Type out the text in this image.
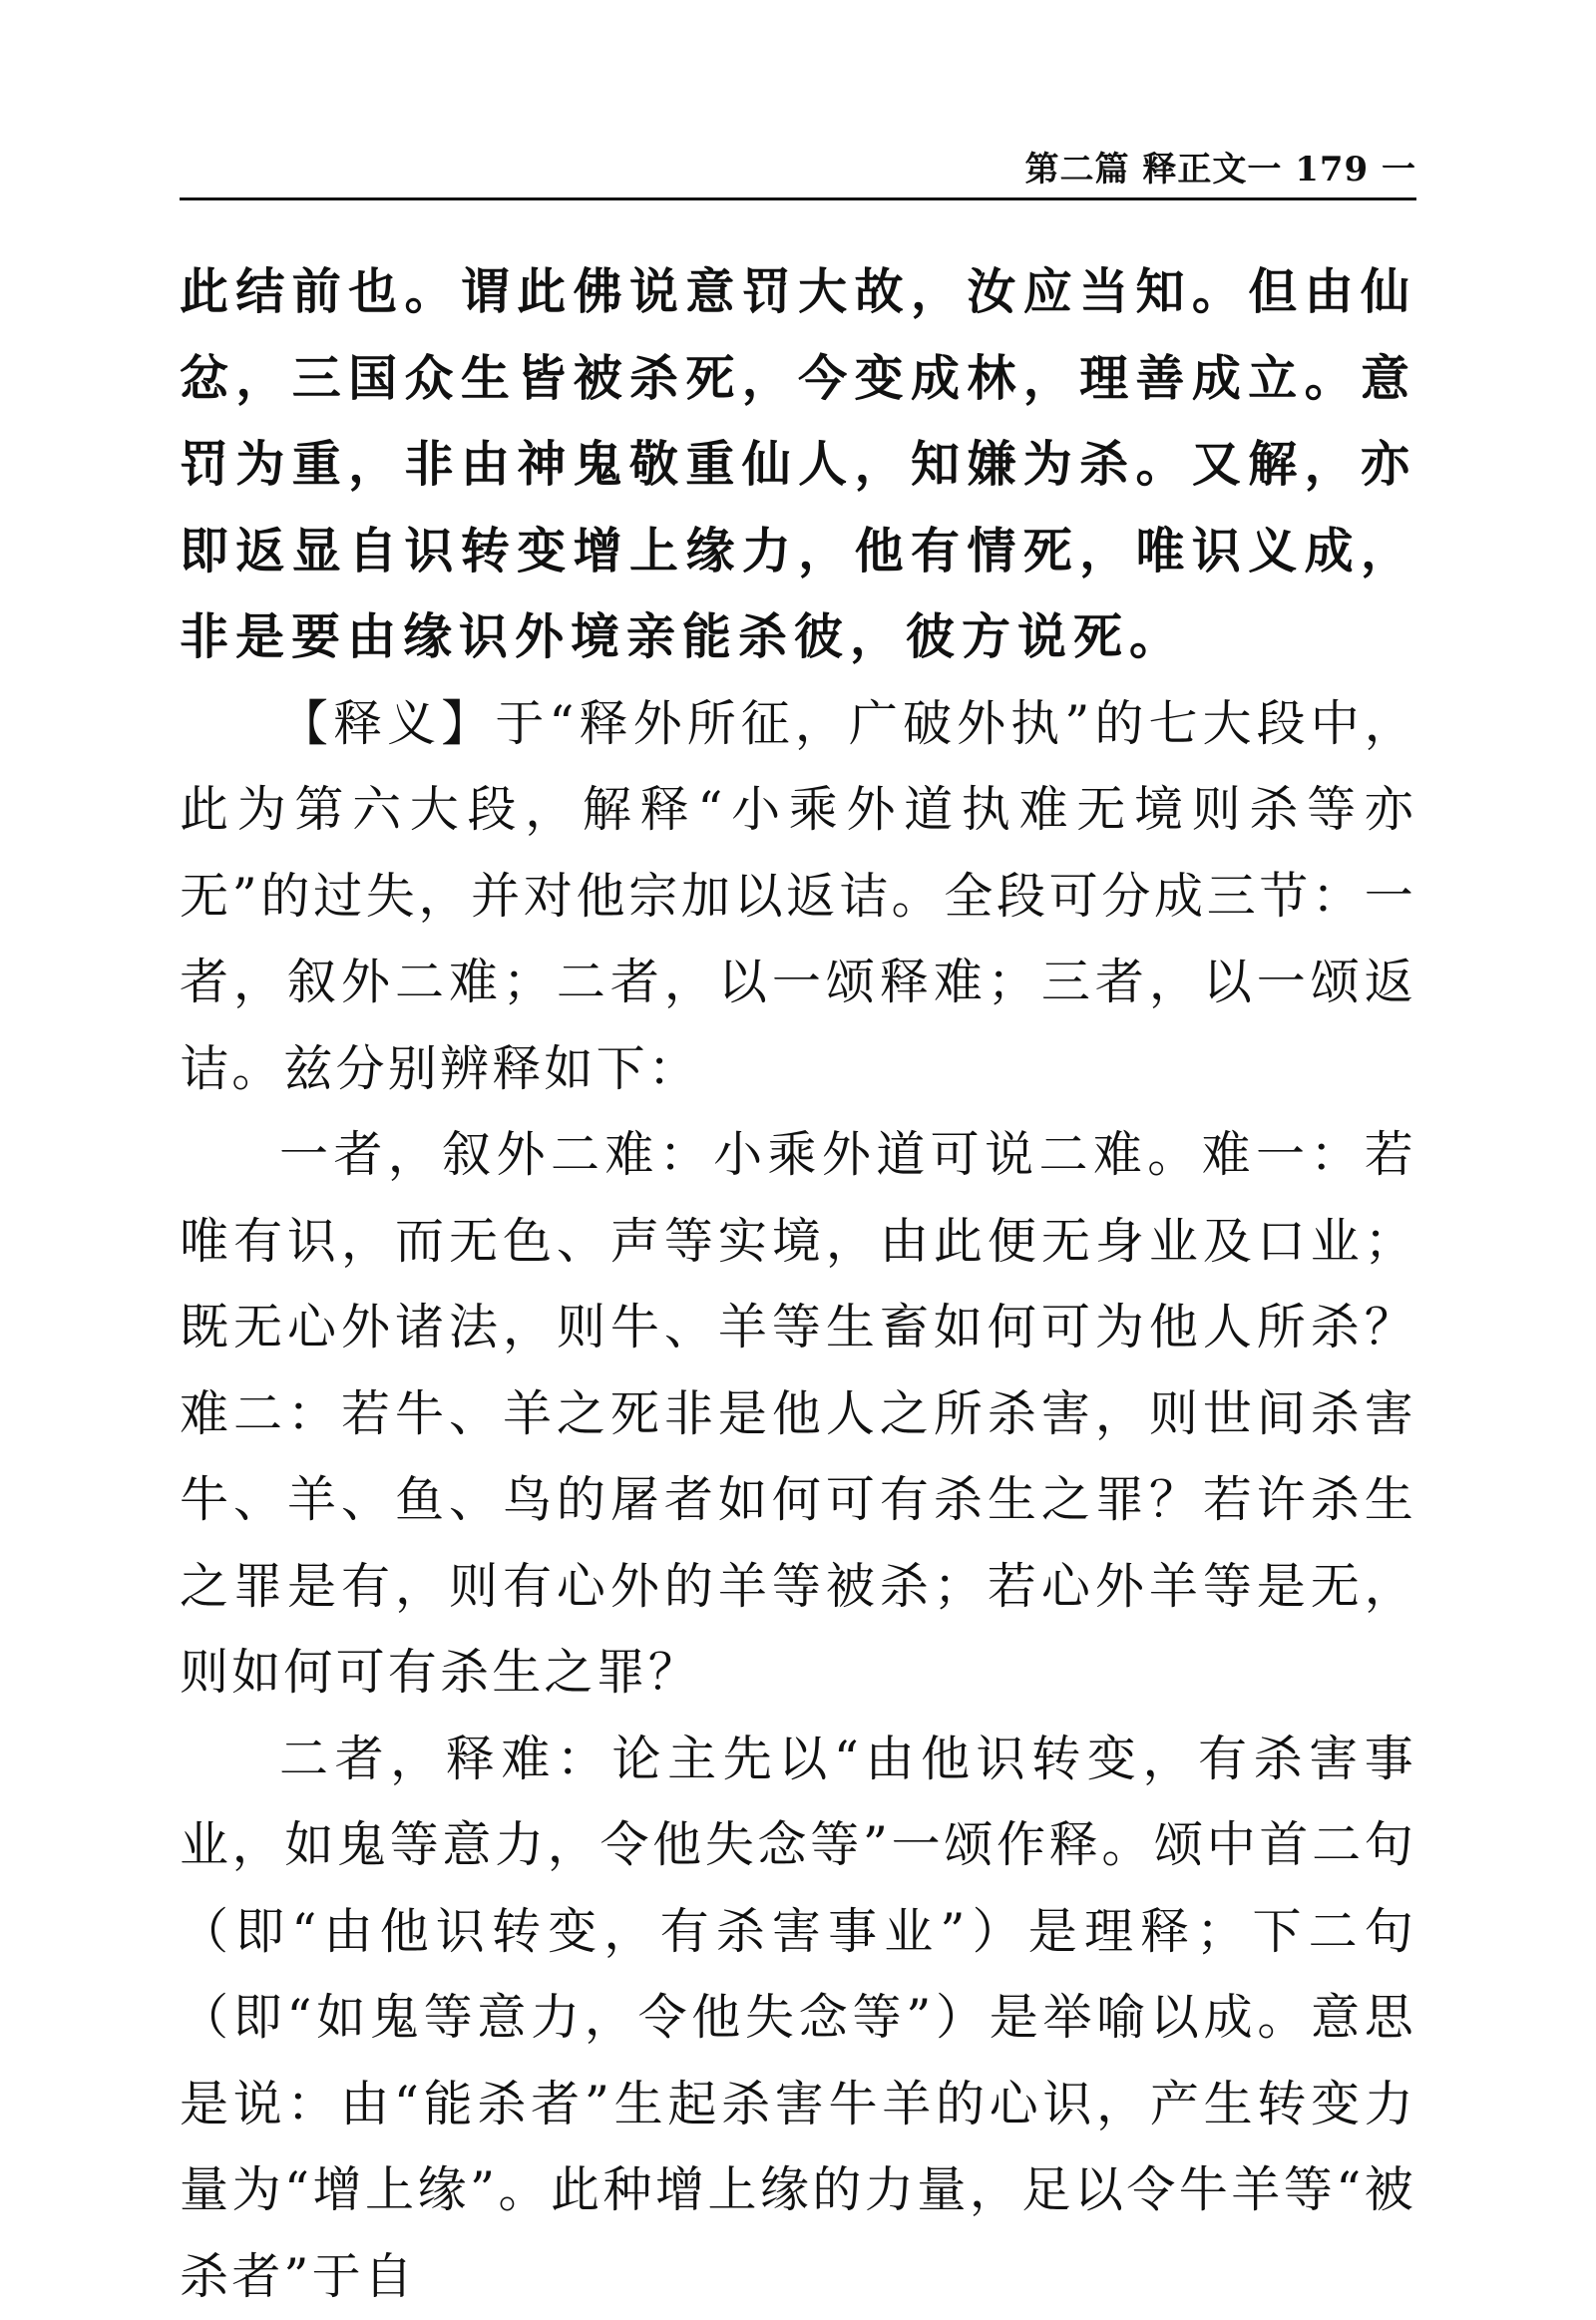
第二篇 释正文一 179 一

此结前也。谓此佛说意罚大故，汝应当知。但由仙忿，三国众生皆被杀死，今变成林，理善成立。意罚为重，非由神鬼敬重仙人，知嫌为杀。又解，亦即返显自识转变增上缘力，他有情死，唯识义成，非是要由缘识外境亲能杀彼，彼方说死。

【释义】于“释外所征，广破外执”的七大段中，此为第六大段，解释“小乘外道执难无境则杀等亦无”的过失，并对他宗加以返诘。全段可分成三节：一者，叙外二难；二者，以一颂释难；三者，以一颂返诘。兹分别辨释如下：

一者，叙外二难：小乘外道可说二难。难一：若唯有识，而无色、声等实境，由此便无身业及口业；既无心外诸法，则牛、羊等生畜如何可为他人所杀？难二：若牛、羊之死非是他人之所杀害，则世间杀害牛、羊、鱼、鸟的屠者如何可有杀生之罪？若许杀生之罪是有，则有心外的羊等被杀；若心外羊等是无，则如何可有杀生之罪？

二者，释难：论主先以“由他识转变，有杀害事业，如鬼等意力，令他失念等”一颂作释。颂中首二句（即“由他识转变，有杀害事业”）是理释；下二句（即“如鬼等意力，令他失念等”）是举喻以成。意思是说：由“能杀者”生起杀害牛羊的心识，产生转变力量为“增上缘”。此种增上缘的力量，足以令牛羊等“被杀者”于自
